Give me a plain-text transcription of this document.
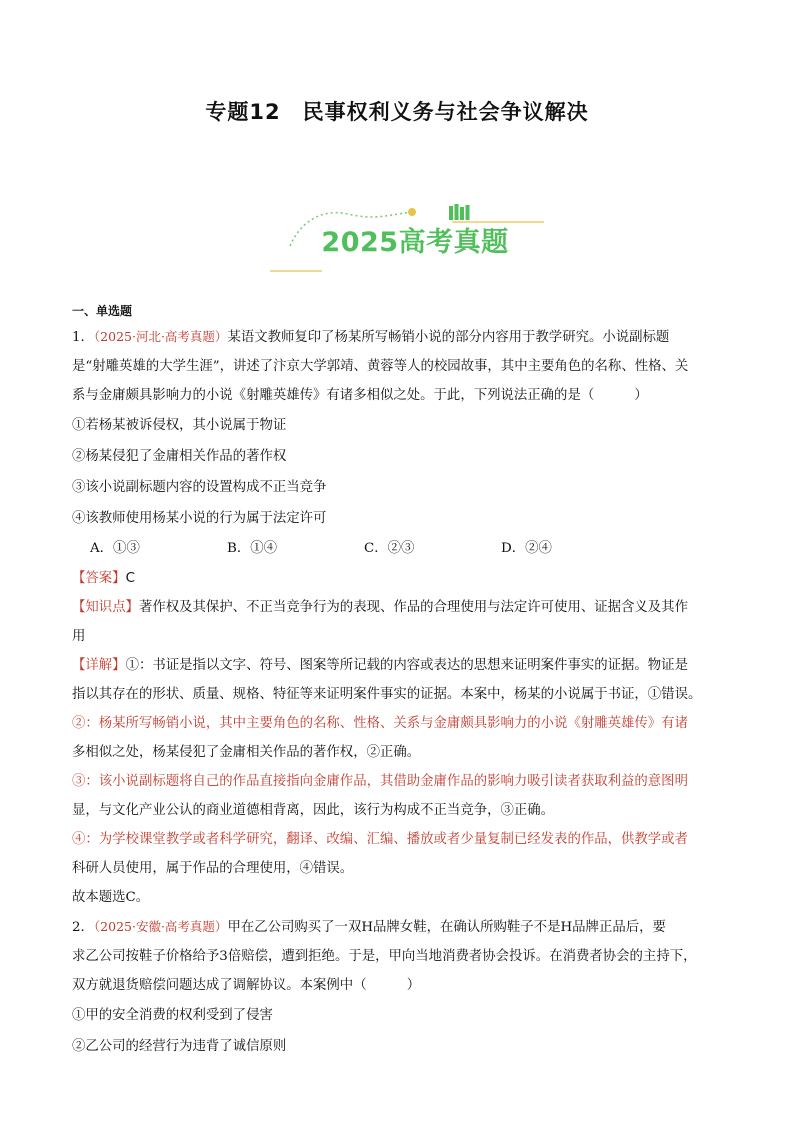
专题12　民事权利义务与社会争议解决
2025高考真题
一、单选题

1．（2025·河北·高考真题）某语文教师复印了杨某所写畅销小说的部分内容用于教学研究。小说副标题

是“射雕英雄的大学生涯”，讲述了汴京大学郭靖、黄蓉等人的校园故事，其中主要角色的名称、性格、关

系与金庸颇具影响力的小说《射雕英雄传》有诸多相似之处。于此，下列说法正确的是（　　　）

①若杨某被诉侵权，其小说属于物证

②杨某侵犯了金庸相关作品的著作权

③该小说副标题内容的设置构成不正当竞争

④该教师使用杨某小说的行为属于法定许可

A．①③	B．①④	C．②③	D．②④

【答案】C

【知识点】著作权及其保护、不正当竞争行为的表现、作品的合理使用与法定许可使用、证据含义及其作

用

【详解】①：书证是指以文字、符号、图案等所记载的内容或表达的思想来证明案件事实的证据。物证是

指以其存在的形状、质量、规格、特征等来证明案件事实的证据。本案中，杨某的小说属于书证，①错误。

②：杨某所写畅销小说，其中主要角色的名称、性格、关系与金庸颇具影响力的小说《射雕英雄传》有诸

多相似之处，杨某侵犯了金庸相关作品的著作权，②正确。

③：该小说副标题将自己的作品直接指向金庸作品，其借助金庸作品的影响力吸引读者获取利益的意图明

显，与文化产业公认的商业道德相背离，因此，该行为构成不正当竞争，③正确。

④：为学校课堂教学或者科学研究，翻译、改编、汇编、播放或者少量复制已经发表的作品，供教学或者

科研人员使用，属于作品的合理使用，④错误。

故本题选C。

2．（2025·安徽·高考真题）甲在乙公司购买了一双H品牌女鞋，在确认所购鞋子不是H品牌正品后，要

求乙公司按鞋子价格给予3倍赔偿，遭到拒绝。于是，甲向当地消费者协会投诉。在消费者协会的主持下，

双方就退货赔偿问题达成了调解协议。本案例中（　　　）

①甲的安全消费的权利受到了侵害

②乙公司的经营行为违背了诚信原则
